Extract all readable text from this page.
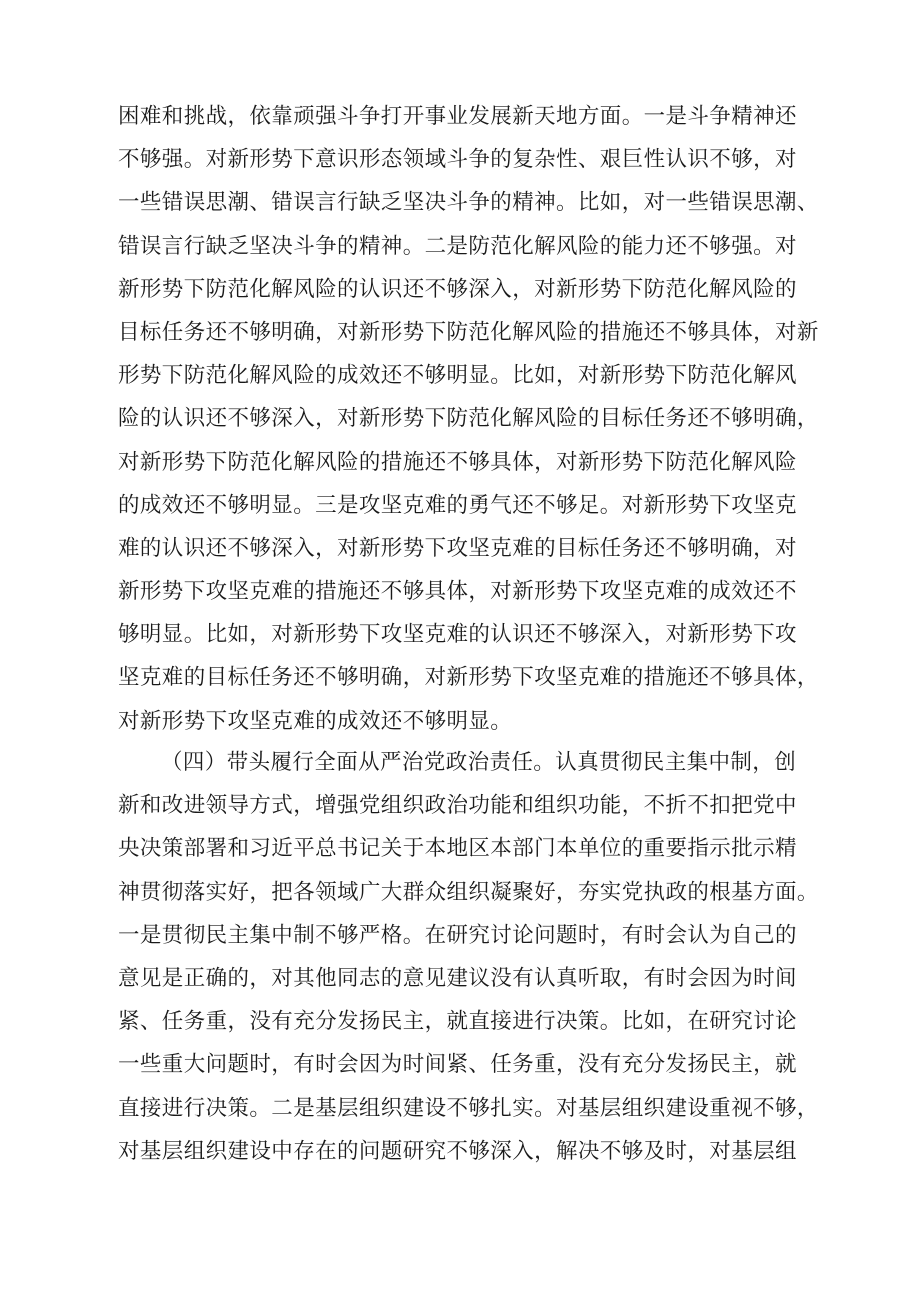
困难和挑战，依靠顽强斗争打开事业发展新天地方面。一是斗争精神还
不够强。对新形势下意识形态领域斗争的复杂性、艰巨性认识不够，对
一些错误思潮、错误言行缺乏坚决斗争的精神。比如，对一些错误思潮、
错误言行缺乏坚决斗争的精神。二是防范化解风险的能力还不够强。对
新形势下防范化解风险的认识还不够深入，对新形势下防范化解风险的
目标任务还不够明确，对新形势下防范化解风险的措施还不够具体，对新
形势下防范化解风险的成效还不够明显。比如，对新形势下防范化解风
险的认识还不够深入，对新形势下防范化解风险的目标任务还不够明确，
对新形势下防范化解风险的措施还不够具体，对新形势下防范化解风险
的成效还不够明显。三是攻坚克难的勇气还不够足。对新形势下攻坚克
难的认识还不够深入，对新形势下攻坚克难的目标任务还不够明确，对
新形势下攻坚克难的措施还不够具体，对新形势下攻坚克难的成效还不
够明显。比如，对新形势下攻坚克难的认识还不够深入，对新形势下攻
坚克难的目标任务还不够明确，对新形势下攻坚克难的措施还不够具体，
对新形势下攻坚克难的成效还不够明显。
（四）带头履行全面从严治党政治责任。认真贯彻民主集中制，创
新和改进领导方式，增强党组织政治功能和组织功能，不折不扣把党中
央决策部署和习近平总书记关于本地区本部门本单位的重要指示批示精
神贯彻落实好，把各领域广大群众组织凝聚好，夯实党执政的根基方面。
一是贯彻民主集中制不够严格。在研究讨论问题时，有时会认为自己的
意见是正确的，对其他同志的意见建议没有认真听取，有时会因为时间
紧、任务重，没有充分发扬民主，就直接进行决策。比如，在研究讨论
一些重大问题时，有时会因为时间紧、任务重，没有充分发扬民主，就
直接进行决策。二是基层组织建设不够扎实。对基层组织建设重视不够，
对基层组织建设中存在的问题研究不够深入，解决不够及时，对基层组
